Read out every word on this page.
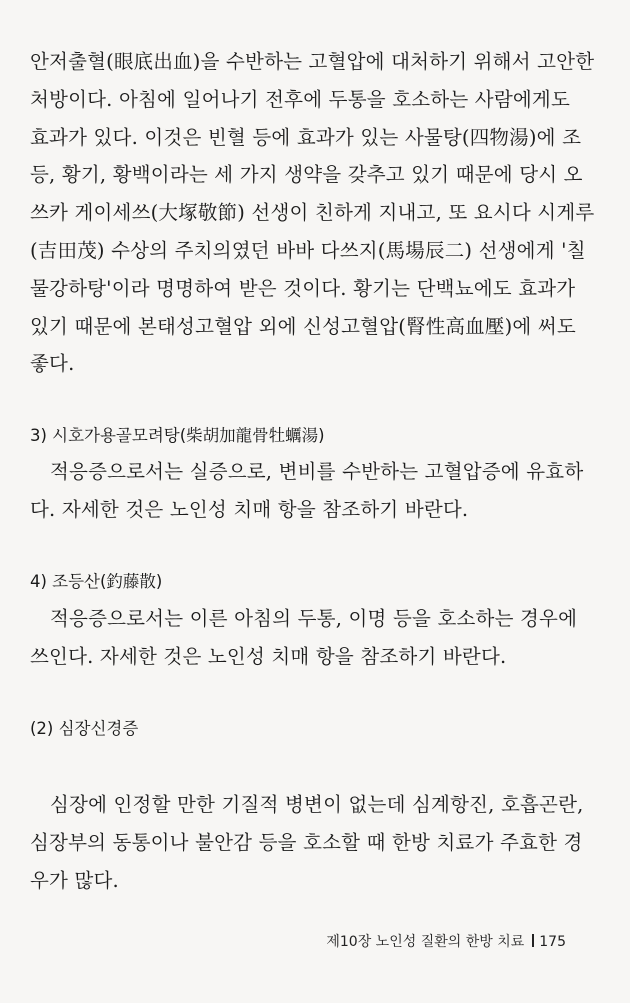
안저출혈(眼底出血)을 수반하는 고혈압에 대처하기 위해서 고안한
처방이다. 아침에 일어나기 전후에 두통을 호소하는 사람에게도
효과가 있다. 이것은 빈혈 등에 효과가 있는 사물탕(四物湯)에 조
등, 황기, 황백이라는 세 가지 생약을 갖추고 있기 때문에 당시 오
쓰카 게이세쓰(大塚敬節) 선생이 친하게 지내고, 또 요시다 시게루
(吉田茂) 수상의 주치의였던 바바 다쓰지(馬場辰二) 선생에게 '칠
물강하탕'이라 명명하여 받은 것이다. 황기는 단백뇨에도 효과가
있기 때문에 본태성고혈압 외에 신성고혈압(腎性高血壓)에 써도
좋다.
3) 시호가용골모려탕(柴胡加龍骨牡蠣湯)
적응증으로서는 실증으로, 변비를 수반하는 고혈압증에 유효하
다. 자세한 것은 노인성 치매 항을 참조하기 바란다.
4) 조등산(釣藤散)
적응증으로서는 이른 아침의 두통, 이명 등을 호소하는 경우에
쓰인다. 자세한 것은 노인성 치매 항을 참조하기 바란다.
(2) 심장신경증
심장에 인정할 만한 기질적 병변이 없는데 심계항진, 호흡곤란,
심장부의 동통이나 불안감 등을 호소할 때 한방 치료가 주효한 경
우가 많다.
제10장 노인성 질환의 한방 치료 175
